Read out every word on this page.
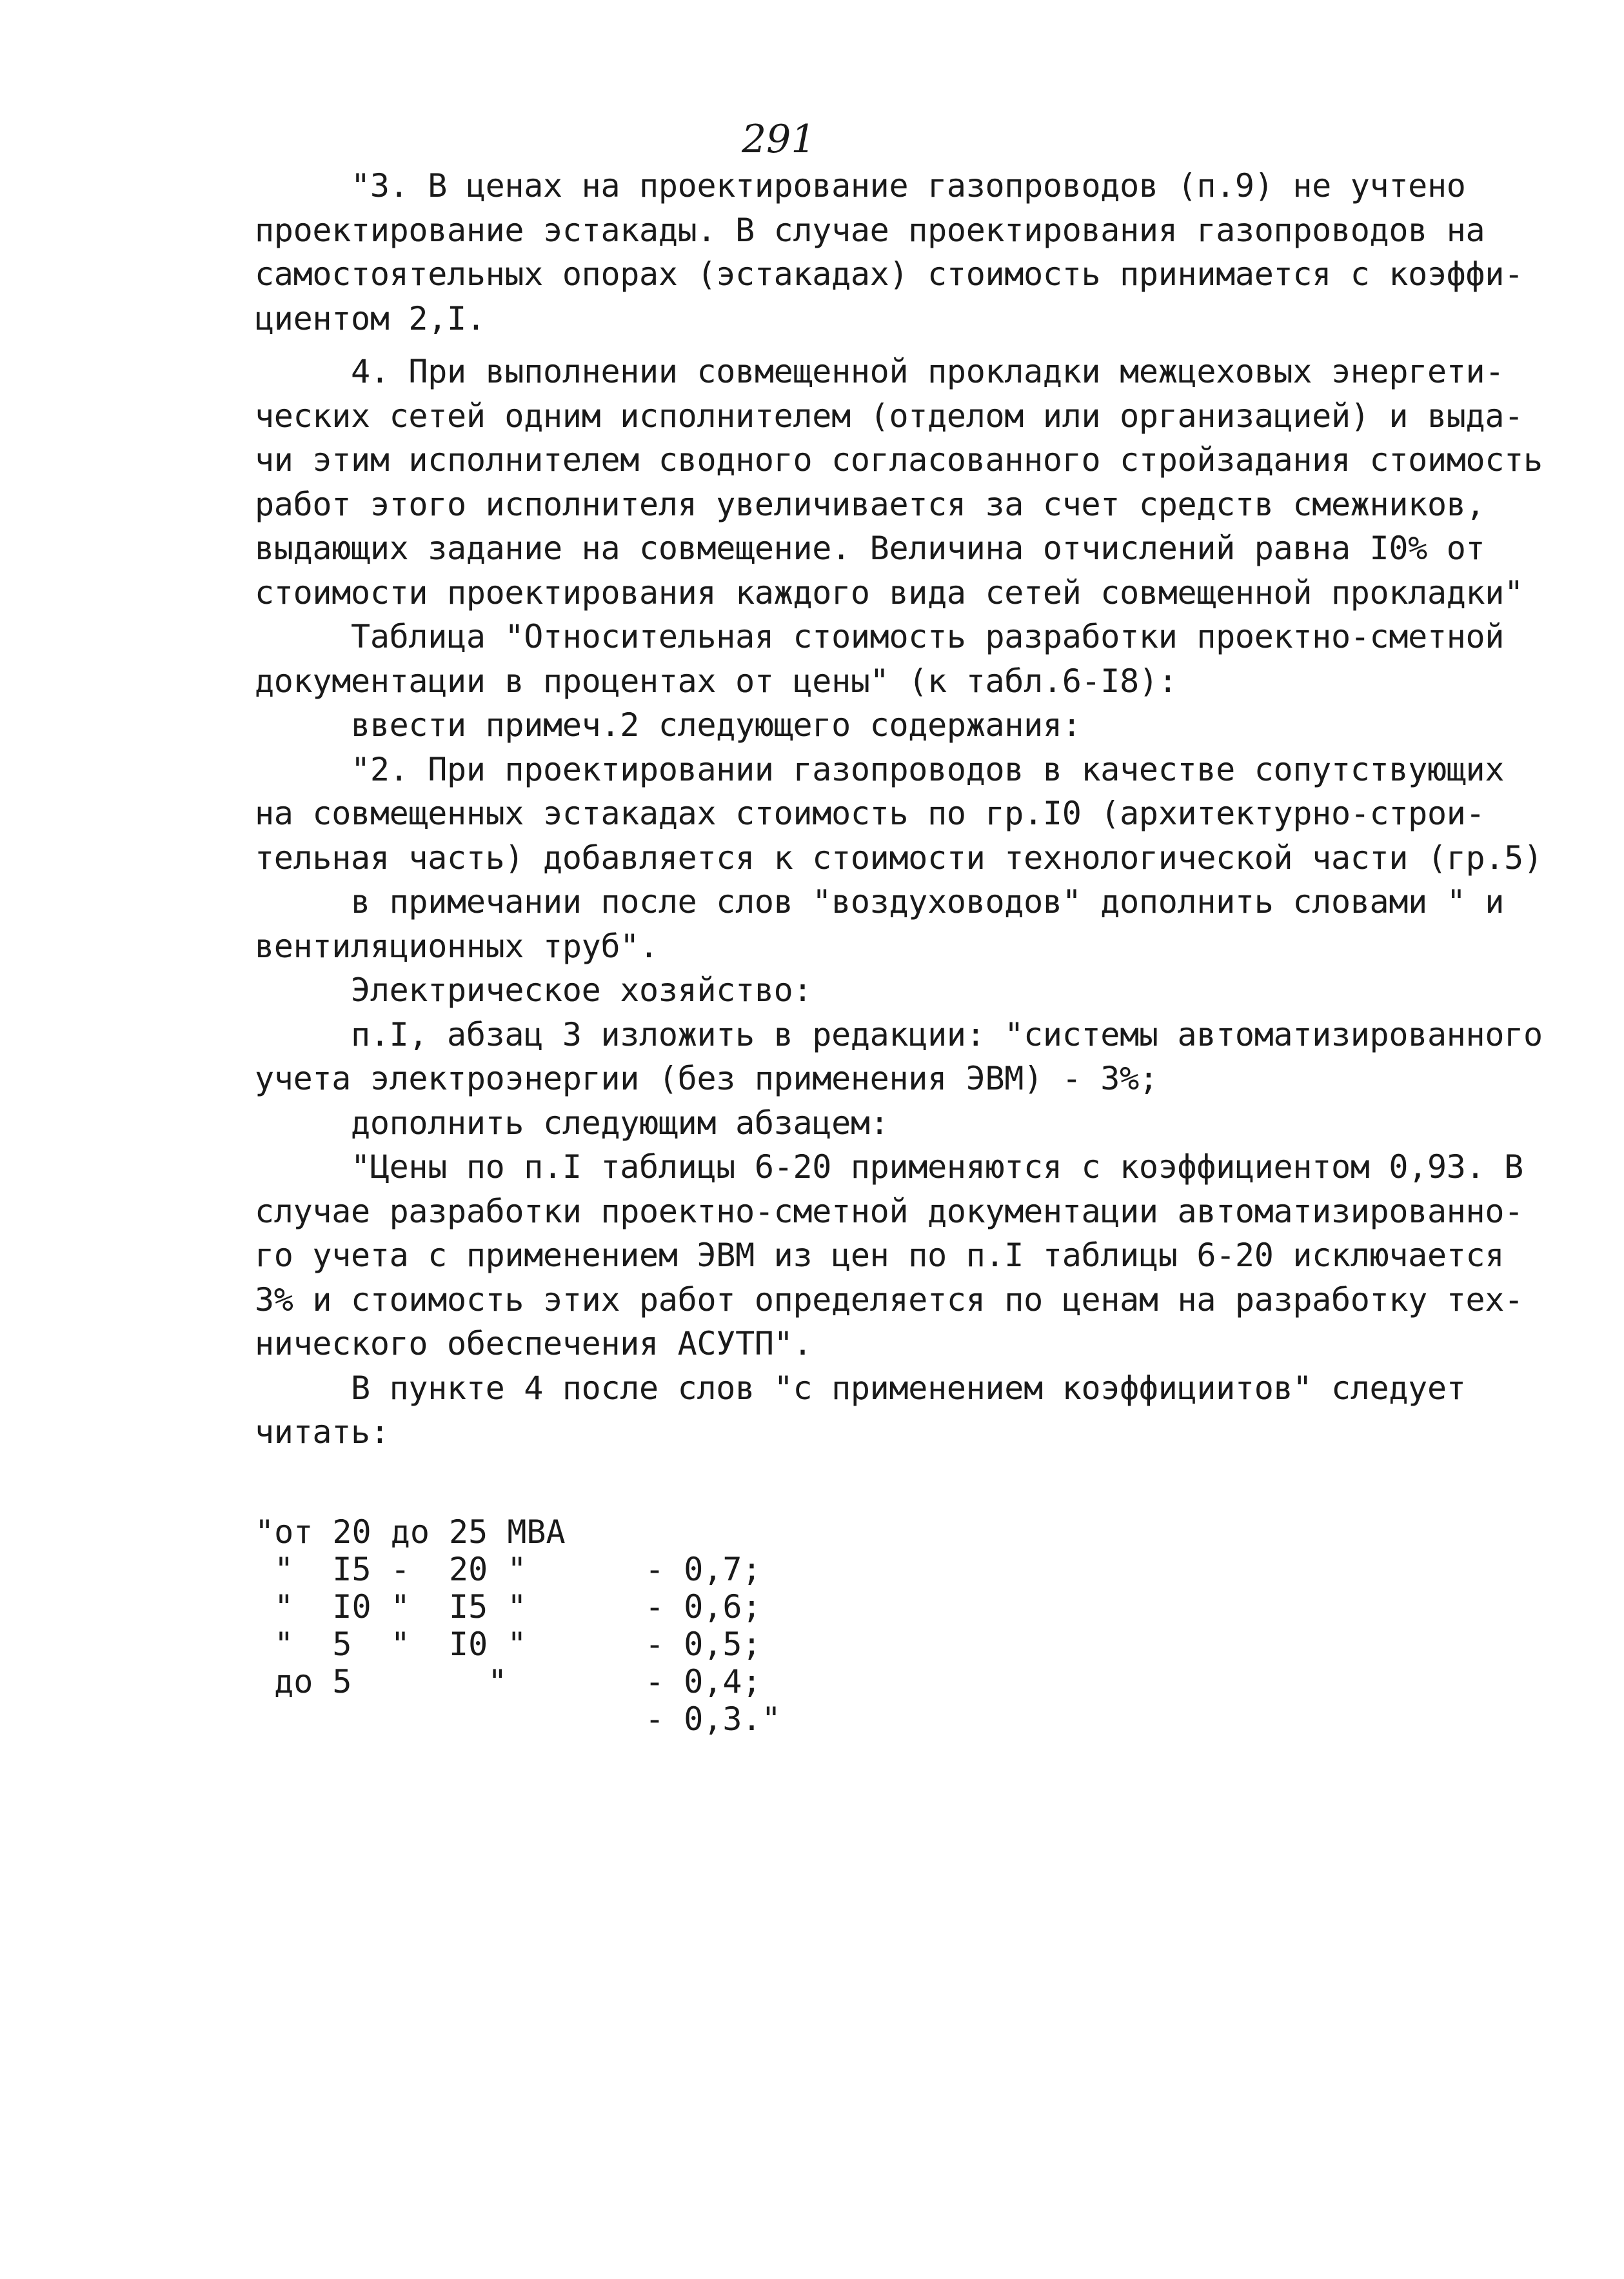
291
"3. В ценах на проектирование газопроводов (п.9) не учтено
проектирование эстакады. В случае проектирования газопроводов на
самостоятельных опорах (эстакадах) стоимость принимается с коэффи-
циентом 2,I.
4. При выполнении совмещенной прокладки межцеховых энергети-
ческих сетей одним исполнителем (отделом или организацией) и выда-
чи этим исполнителем сводного согласованного стройзадания стоимость
работ этого исполнителя увеличивается за счет средств смежников,
выдающих задание на совмещение. Величина отчислений равна I0% от
стоимости проектирования каждого вида сетей совмещенной прокладки"
Таблица "Относительная стоимость разработки проектно-сметной
документации в процентах от цены" (к табл.6-I8):
ввести примеч.2 следующего содержания:
"2. При проектировании газопроводов в качестве сопутствующих
на совмещенных эстакадах стоимость по гр.I0 (архитектурно-строи-
тельная часть) добавляется к стоимости технологической части (гр.5)
в примечании после слов "воздуховодов" дополнить словами " и
вентиляционных труб".
Электрическое хозяйство:
п.I, абзац 3 изложить в редакции: "системы автоматизированного
учета электроэнергии (без применения ЭВМ) - 3%;
дополнить следующим абзацем:
"Цены по п.I таблицы 6-20 применяются с коэффициентом 0,93. В
случае разработки проектно-сметной документации автоматизированно-
го учета с применением ЭВМ из цен по п.I таблицы 6-20 исключается
3% и стоимость этих работ определяется по ценам на разработку тех-
нического обеспечения АСУТП".
В пункте 4 после слов "с применением коэффициитов" следует
читать:

"от 20 до 25 МВА

- 0,7;

"  I5 -  20 "

- 0,6;

"  I0 "  I5 "

- 0,5;

"  5  "  I0 "

- 0,4;

до 5       "

- 0,3."
